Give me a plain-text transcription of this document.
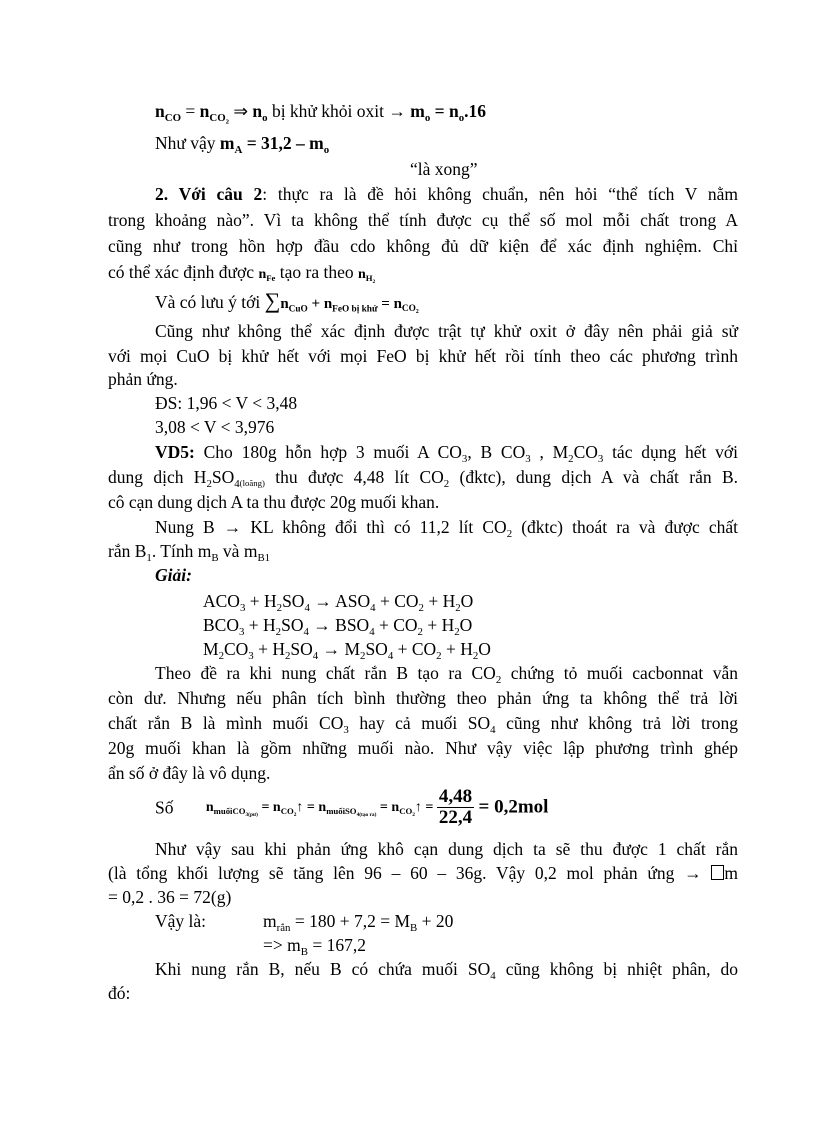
$n_{CO} = n_{CO_2}$ ⇒ $n_o$ bị khử khỏi oxit → $m_o = n_o.16$
Như vậy $m_A = 31,2 - m_o$
“là xong”
2. Với câu 2: thực ra là đề hỏi không chuẩn, nên hỏi “thể tích V nằm
trong khoảng nào”. Vì ta không thể tính được cụ thể số mol mỗi chất trong A
cũng như trong hồn hợp đầu cdo không đủ dữ kiện để xác định nghiệm. Chỉ
có thể xác định được $n_{Fe}$ tạo ra theo $n_{H_2}$
Và có lưu ý tới $\sum n_{CuO} + n_{FeO bị khử} = n_{CO_2}$
Cũng như không thể xác định được trật tự khử oxit ở đây nên phải giả sử
với mọi CuO bị khử hết với mọi FeO bị khử hết rồi tính theo các phương trình
phản ứng.
ĐS: 1,96 < V < 3,48
3,08 < V < 3,976
VD5: Cho 180g hỗn hợp 3 muối A $CO_3$, B $CO_3$ , $M_2CO_3$ tác dụng hết với
dung dịch $H_2SO_{4(loãng)}$ thu được 4,48 lít $CO_2$ (đktc), dung dịch A và chất rắn B.
cô cạn dung dịch A ta thu được 20g muối khan.
Nung B → KL không đổi thì có 11,2 lít $CO_2$ (đktc) thoát ra và được chất
rắn $B_1$. Tính $m_B$ và $m_{B1}$
Giải:
$ACO_3 + H_2SO_4 \to ASO_4 + CO_2 + H_2O$
$BCO_3 + H_2SO_4 \to BSO_4 + CO_2 + H_2O$
$M_2CO_3 + H_2SO_4 \to M_2SO_4 + CO_2 + H_2O$
Theo đề ra khi nung chất rắn B tạo ra $CO_2$ chứng tỏ muối cacbonnat vẫn
còn dư. Nhưng nếu phân tích bình thường theo phản ứng ta không thể trả lời
chất rắn B là mình muối $CO_3$ hay cả muối $SO_4$ cũng như không trả lời trong
20g muối khan là gồm những muối nào. Như vậy việc lập phương trình ghép
ẩn số ở đây là vô dụng.
Số $n_{muốiCO_{3(pư)}}$ = $n_{CO_2}↑ = n_{muốiSO_{4(tạo ra)}}$ = $n_{CO_2}↑ = \frac{4,48}{22,4} = 0,2mol$
Như vậy sau khi phản ứng khô cạn dung dịch ta sẽ thu được 1 chất rắn
(là tổng khối lượng sẽ tăng lên 96 – 60 – 36g. Vậy 0,2 mol phản ứng → m
= 0,2 . 36 = 72(g)
Vậy là:	$m_{rắn} = 180 + 7,2 = M_B + 20$
=> $m_B = 167,2$
Khi nung rắn B, nếu B có chứa muối $SO_4$ cũng không bị nhiệt phân, do
đó:
